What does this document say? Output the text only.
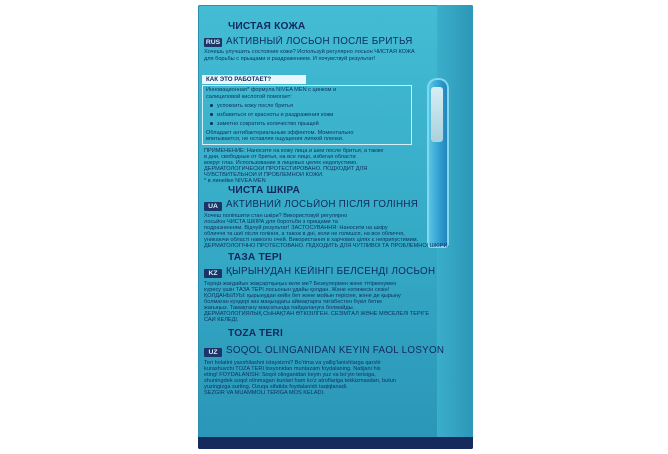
ЧИСТАЯ КОЖА
RUS АКТИВНЫЙ ЛОСЬОН ПОСЛЕ БРИТЬЯ
Хочешь улучшить состояние кожи? Используй регулярно лосьон ЧИСТАЯ КОЖА
для борьбы с прыщами и раздражением. И почувствуй результат!
КАК ЭТО РАБОТАЕТ?
Инновационная* формула NIVEA MEN с цинком и
салициловой кислотой помогает:
успокоить кожу после бритья
избавиться от красноты и раздражения кожи
заметно сократить количество прыщей
Обладает антибактериальным эффектом. Моментально
впитывается, не оставляя ощущения липкой пленки.
ПРИМЕНЕНИЕ: Наносите на кожу лица и шеи после бритья, а также
в дни, свободные от бритья, на все лицо, избегая области
вокруг глаз. Использование в лицевых целях недопустимо.
ДЕРМАТОЛОГИЧЕСКИ ПРОТЕСТИРОВАНО. ПОДХОДИТ ДЛЯ
ЧУВСТВИТЕЛЬНОЙ И ПРОБЛЕМНОЙ КОЖИ.
* в линейке NIVEA MEN
ЧИСТА ШКІРА
UA АКТИВНИЙ ЛОСЬЙОН ПІСЛЯ ГОЛІННЯ
Хочеш поліпшити стан шкіри? Використовуй регулярно
лосьйон ЧИСТА ШКІРА для боротьби з прищами та
подразненням. Відчуй результат! ЗАСТОСУВАННЯ: Наносити на шкіру
обличчя та шиї після гоління, а також в дні, коли не голишся, на все обличчя,
уникаючи області навколо очей. Використання в харчових цілях є неприпустимим.
ДЕРМАТОЛОГІЧНО ПРОТЕСТОВАНО. ПІДХОДИТЬ ДЛЯ ЧУТЛИВОЇ ТА ПРОБЛЕМНОЇ ШКІРИ.
ТАЗА ТЕРІ
KZ ҚЫРЫНУДАН КЕЙІНГІ БЕЛСЕНДІ ЛОСЬОН
Теріңіз жағдайын жақсартқыңыз келе ме? Безеулермен және тітіркенумен
күресу үшін ТАЗА ТЕРІ лосьонын ұдайы қолдан. Және нәтижесін сезін!
ҚОЛДАНЫЛУЫ: қырынудан кейін бет және мойын терісіне, және де қырыну
болмаған күндері көз маңындағы аймақтарға тигізбестен бүкіл бетке
жағыңыз. Тамақтану мақсатында пайдалануға болмайды.
ДЕРМАТОЛОГИЯЛЫҚ СЫНАҚТАН ӨТКІЗІЛГЕН. СЕЗІМТАЛ ЖӘНЕ МӘСЕЛЕЛІ ТЕРІГЕ
САЙ КЕЛЕДІ.
TOZA TERI
UZ SOQOL OLINGANIDAN KEYIN FAOL LOSYON
Teri holatini yaxshilashni istaysizmi? Bo'rtma va yallig'lanishlarga qarshi
kurashuvchi TOZA TERI losyonidan muntazam foydalaning. Natijani his
eting! FOYDALANISH: Soqol olinganidan keyin yuz va bo'yin terisiga,
shuningdek soqol olinmagan kunlari ham ko'z atroflariga tekkizmasdan, butun
yuzingizga surting. Ozuqa sifatida foydalanish taqiqlanadi.
SEZGIR VA MUAMMOLI TERIGA MOS KELADI.
